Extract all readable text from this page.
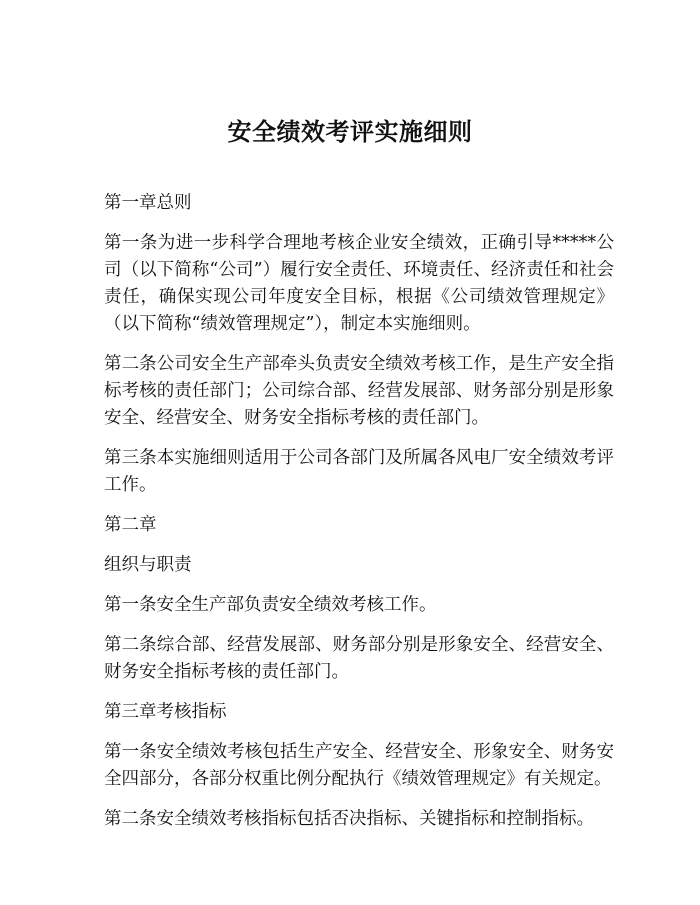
安全绩效考评实施细则

第一章总则

第一条为进一步科学合理地考核企业安全绩效，正确引导*****公司（以下简称“公司”）履行安全责任、环境责任、经济责任和社会责任，确保实现公司年度安全目标，根据《公司绩效管理规定》（以下简称“绩效管理规定”），制定本实施细则。

第二条公司安全生产部牵头负责安全绩效考核工作，是生产安全指标考核的责任部门；公司综合部、经营发展部、财务部分别是形象安全、经营安全、财务安全指标考核的责任部门。

第三条本实施细则适用于公司各部门及所属各风电厂安全绩效考评工作。

第二章

组织与职责

第一条安全生产部负责安全绩效考核工作。

第二条综合部、经营发展部、财务部分别是形象安全、经营安全、财务安全指标考核的责任部门。

第三章考核指标

第一条安全绩效考核包括生产安全、经营安全、形象安全、财务安全四部分，各部分权重比例分配执行《绩效管理规定》有关规定。

第二条安全绩效考核指标包括否决指标、关键指标和控制指标。
